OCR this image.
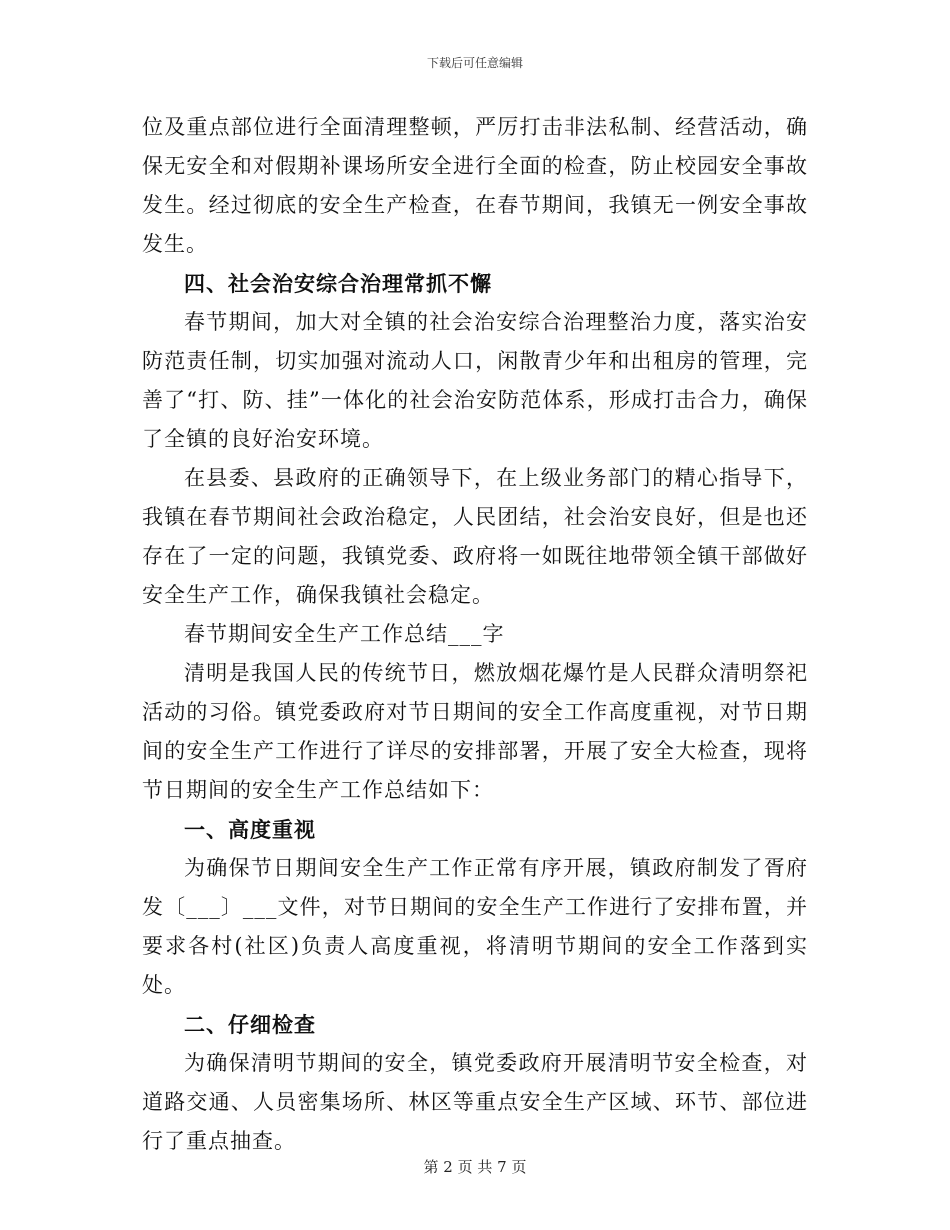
下载后可任意编辑

位及重点部位进行全面清理整顿，严厉打击非法私制、经营活动，确保无安全和对假期补课场所安全进行全面的检查，防止校园安全事故发生。经过彻底的安全生产检查，在春节期间，我镇无一例安全事故发生。

四、社会治安综合治理常抓不懈

春节期间，加大对全镇的社会治安综合治理整治力度，落实治安防范责任制，切实加强对流动人口，闲散青少年和出租房的管理，完善了“打、防、挂”一体化的社会治安防范体系，形成打击合力，确保了全镇的良好治安环境。

在县委、县政府的正确领导下，在上级业务部门的精心指导下，我镇在春节期间社会政治稳定，人民团结，社会治安良好，但是也还存在了一定的问题，我镇党委、政府将一如既往地带领全镇干部做好安全生产工作，确保我镇社会稳定。

春节期间安全生产工作总结___字

清明是我国人民的传统节日，燃放烟花爆竹是人民群众清明祭祀活动的习俗。镇党委政府对节日期间的安全工作高度重视，对节日期间的安全生产工作进行了详尽的安排部署，开展了安全大检查，现将节日期间的安全生产工作总结如下：

一、高度重视

为确保节日期间安全生产工作正常有序开展，镇政府制发了胥府发〔___〕___文件，对节日期间的安全生产工作进行了安排布置，并要求各村(社区)负责人高度重视，将清明节期间的安全工作落到实处。

二、仔细检查

为确保清明节期间的安全，镇党委政府开展清明节安全检查，对道路交通、人员密集场所、林区等重点安全生产区域、环节、部位进行了重点抽查。

第 2 页 共 7 页
